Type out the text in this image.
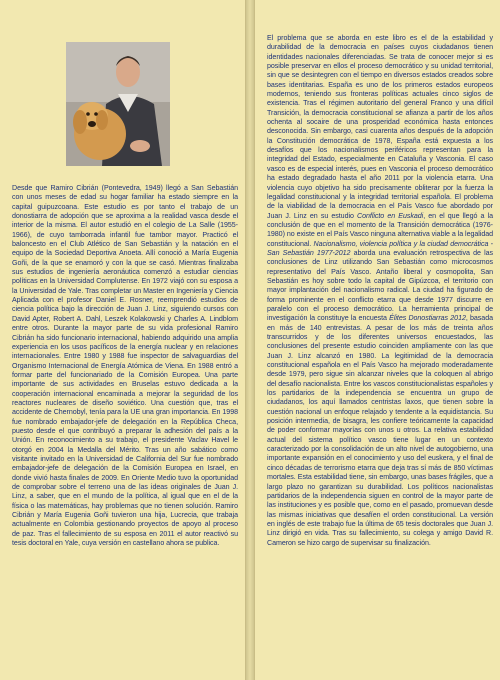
Desde que Ramiro Cibrián (Pontevedra, 1949) llegó a San Sebastián con unos meses de edad su hogar familiar ha estado siempre en la capital guipuzcoana. Este estudio es por tanto el trabajo de un donostiarra de adopción que se aproxima a la realidad vasca desde el interior de la misma. El autor estudió en el colegio de La Salle (1955-1966), de cuyo tamborrada infantil fue tambor mayor. Practicó el baloncesto en el Club Atlético de San Sebastián y la natación en el equipo de la Sociedad Deportiva Anoeta. Allí conoció a María Eugenia Goñi, de la que se enamoró y con la que se casó. Mientras finalizaba sus estudios de ingeniería aeronáutica comenzó a estudiar ciencias políticas en la Universidad Complutense. En 1972 viajó con su esposa a la Universidad de Yale. Tras completar un Master en Ingeniería y Ciencia Aplicada con el profesor Daniel E. Rosner, reemprendió estudios de ciencia política bajo la dirección de Juan J. Linz, siguiendo cursos con David Apter, Robert A. Dahl, Leszek Kolakowski y Charles A. Lindblom entre otros. Durante la mayor parte de su vida profesional Ramiro Cibrián ha sido funcionario internacional, habiendo adquirido una amplia experiencia en los usos pacíficos de la energía nuclear y en relaciones internacionales. Entre 1980 y 1988 fue inspector de salvaguardias del Organismo Internacional de Energía Atómica de Viena. En 1988 entró a formar parte del funcionariado de la Comisión Europea. Una parte importante de sus actividades en Bruselas estuvo dedicada a la cooperación internacional encaminada a mejorar la seguridad de los reactores nucleares de diseño soviético. Una cuestión que, tras el accidente de Chernobyl, tenía para la UE una gran importancia. En 1998 fue nombrado embajador-jefe de delegación en la República Checa, puesto desde el que contribuyó a preparar la adhesión del país a la Unión. En reconocimiento a su trabajo, el presidente Vaclav Havel le otorgó en 2004 la Medalla del Mérito. Tras un año sabático como visitante invitado en la Universidad de California del Sur fue nombrado embajador-jefe de delegación de la Comisión Europea en Israel, en donde vivió hasta finales de 2009. En Oriente Medio tuvo la oportunidad de comprobar sobre el terreno una de las ideas originales de Juan J. Linz, a saber, que en el mundo de la política, al igual que en el de la física o las matemáticas, hay problemas que no tienen solución. Ramiro Cibrián y María Eugenia Goñi tuvieron una hija, Lucrecia, que trabaja actualmente en Colombia gestionando proyectos de apoyo al proceso de paz. Tras el fallecimiento de su esposa en 2011 el autor reactivó su tesis doctoral en Yale, cuya versión en castellano ahora se publica.

El problema que se aborda en este libro es el de la estabilidad y durabilidad de la democracia en países cuyos ciudadanos tienen identidades nacionales diferenciadas. Se trata de conocer mejor si es posible preservar en ellos el proceso democrático y su unidad territorial, sin que se desintegren con el tiempo en diversos estados creados sobre bases identitarias. España es uno de los primeros estados europeos modernos, teniendo sus fronteras políticas actuales cinco siglos de existencia. Tras el régimen autoritario del general Franco y una difícil Transición, la democracia constitucional se afianza a partir de los años ochenta al socaire de una prosperidad económica hasta entonces desconocida. Sin embargo, casi cuarenta años después de la adopción la Constitución democrática de 1978, España está expuesta a los desafíos que los nacionalismos periféricos representan para la integridad del Estado, especialmente en Cataluña y Vasconia. El caso vasco es de especial interés, pues en Vasconia el proceso democrático ha estado degradado hasta el año 2011 por la violencia etarra. Una violencia cuyo objetivo ha sido precisamente obliterar por la fuerza la legalidad constitucional y la integridad territorial española. El problema de la viabilidad de la democracia en el País Vasco fue abordado por Juan J. Linz en su estudio Conflicto en Euskadi, en el que llegó a la conclusión de que en el momento de la Transición democrática (1976-1980) no existe en el País Vasco ninguna alternativa viable a la legalidad constitucional. Nacionalismo, violencia política y la ciudad democrática - San Sebastián 1977-2012 aborda una evaluación retrospectiva de las conclusiones de Linz utilizando San Sebastián como microcosmos representativo del País Vasco. Antaño liberal y cosmopolita, San Sebastián es hoy sobre todo la capital de Gipúzcoa, el territorio con mayor implantación del nacionalismo radical. La ciudad ha figurado de forma prominente en el conflicto etarra que desde 1977 discurre en paralelo con el proceso democrático. La herramienta principal de investigación la constituye la encuesta Élites Donostiarras 2012, basada en más de 140 entrevistas. A pesar de los más de treinta años transcurridos y de los diferentes universos encuestados, las conclusiones del presente estudio coinciden ampliamente con las que Juan J. Linz alcanzó en 1980. La legitimidad de la democracia constitucional española en el País Vasco ha mejorado moderadamente desde 1979, pero sigue sin alcanzar niveles que la coloquen al abrigo del desafío nacionalista. Entre los vascos constitucionalistas españoles y los partidarios de la independencia se encuentra un grupo de ciudadanos, los aquí llamados centristas laxos, que tienen sobre la cuestión nacional un enfoque relajado y tendente a la equidistancia. Su posición intermedia, de bisagra, les confiere teóricamente la capacidad de poder conformar mayorías con unos u otros. La relativa estabilidad actual del sistema político vasco tiene lugar en un contexto caracterizado por la consolidación de un alto nivel de autogobierno, una importante expansión en el conocimiento y uso del euskera, y el final de cinco décadas de terrorismo etarra que deja tras sí más de 850 víctimas mortales. Esta estabilidad tiene, sin embargo, unas bases frágiles, que a largo plazo no garantizan su durabilidad. Los políticos nacionalistas partidarios de la independencia siguen en control de la mayor parte de las instituciones y es posible que, como en el pasado, promuevan desde las mismas iniciativas que desafíen el orden constitucional. La versión en inglés de este trabajo fue la última de 65 tesis doctorales que Juan J. Linz dirigió en vida. Tras su fallecimiento, su colega y amigo David R. Cameron se hizo cargo de supervisar su finalización.
